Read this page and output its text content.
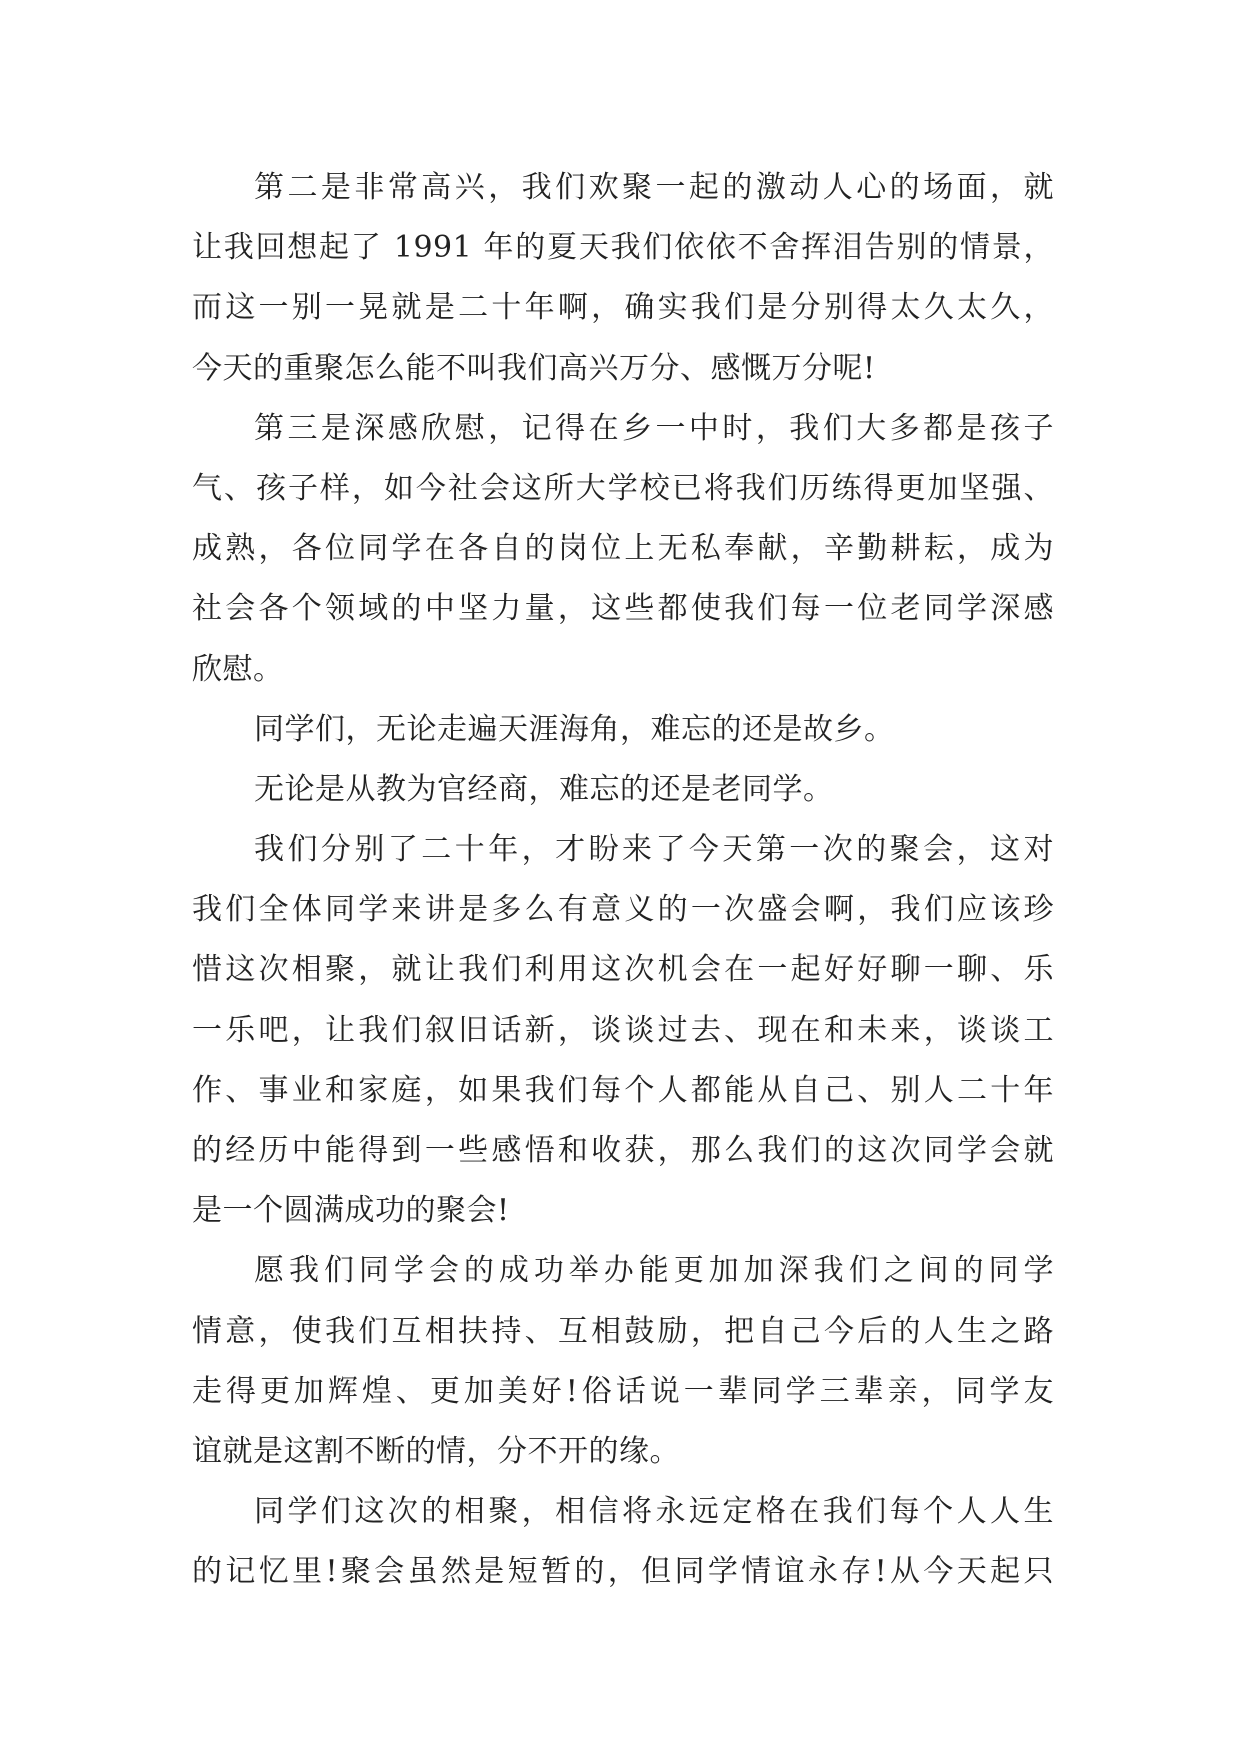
第二是非常高兴，我们欢聚一起的激动人心的场面，就
让我回想起了 1991 年的夏天我们依依不舍挥泪告别的情景，
而这一别一晃就是二十年啊，确实我们是分别得太久太久，
今天的重聚怎么能不叫我们高兴万分、感慨万分呢!
第三是深感欣慰，记得在乡一中时，我们大多都是孩子
气、孩子样，如今社会这所大学校已将我们历练得更加坚强、
成熟，各位同学在各自的岗位上无私奉献，辛勤耕耘，成为
社会各个领域的中坚力量，这些都使我们每一位老同学深感
欣慰。
同学们，无论走遍天涯海角，难忘的还是故乡。
无论是从教为官经商，难忘的还是老同学。
我们分别了二十年，才盼来了今天第一次的聚会，这对
我们全体同学来讲是多么有意义的一次盛会啊，我们应该珍
惜这次相聚，就让我们利用这次机会在一起好好聊一聊、乐
一乐吧，让我们叙旧话新，谈谈过去、现在和未来，谈谈工
作、事业和家庭，如果我们每个人都能从自己、别人二十年
的经历中能得到一些感悟和收获，那么我们的这次同学会就
是一个圆满成功的聚会!
愿我们同学会的成功举办能更加加深我们之间的同学
情意，使我们互相扶持、互相鼓励，把自己今后的人生之路
走得更加辉煌、更加美好!俗话说一辈同学三辈亲，同学友
谊就是这割不断的情，分不开的缘。
同学们这次的相聚，相信将永远定格在我们每个人人生
的记忆里!聚会虽然是短暂的，但同学情谊永存!从今天起只
